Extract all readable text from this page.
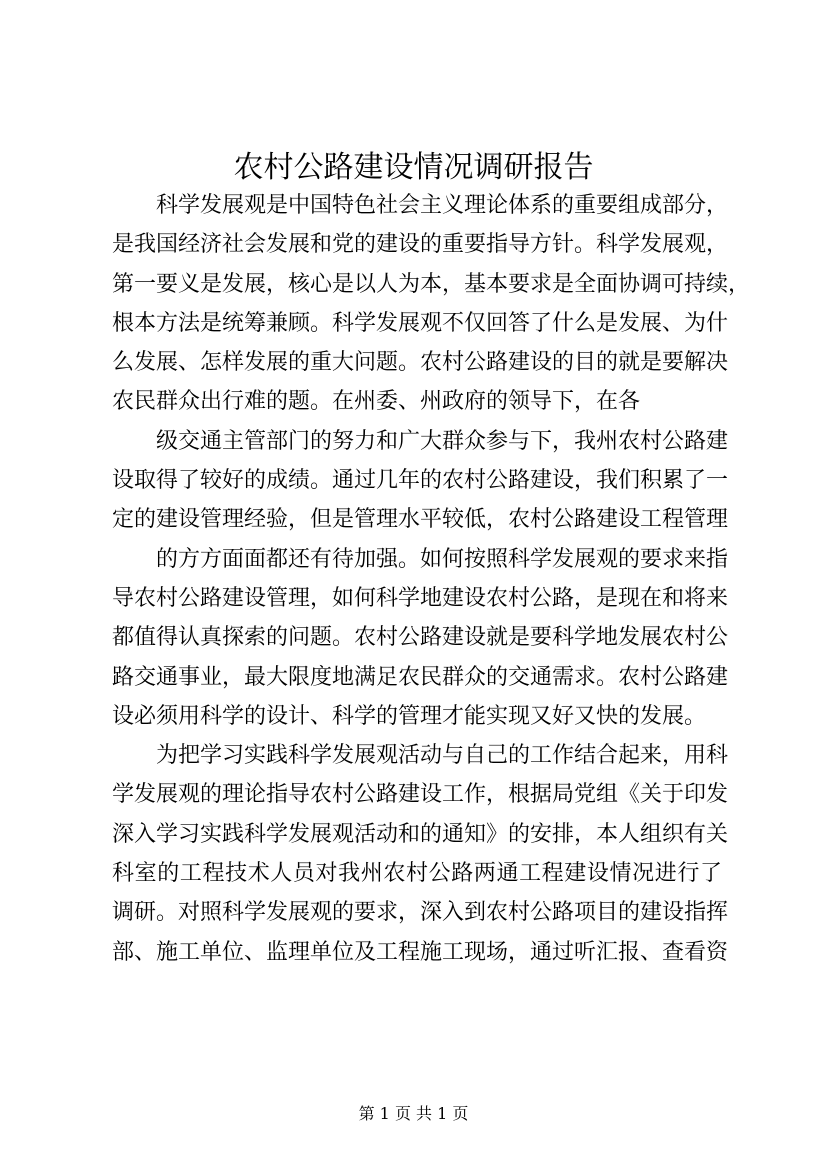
农村公路建设情况调研报告
科学发展观是中国特色社会主义理论体系的重要组成部分，
是我国经济社会发展和党的建设的重要指导方针。科学发展观，
第一要义是发展，核心是以人为本，基本要求是全面协调可持续，
根本方法是统筹兼顾。科学发展观不仅回答了什么是发展、为什
么发展、怎样发展的重大问题。农村公路建设的目的就是要解决
农民群众出行难的题。在州委、州政府的领导下，在各
级交通主管部门的努力和广大群众参与下，我州农村公路建
设取得了较好的成绩。通过几年的农村公路建设，我们积累了一
定的建设管理经验，但是管理水平较低，农村公路建设工程管理
的方方面面都还有待加强。如何按照科学发展观的要求来指
导农村公路建设管理，如何科学地建设农村公路，是现在和将来
都值得认真探索的问题。农村公路建设就是要科学地发展农村公
路交通事业，最大限度地满足农民群众的交通需求。农村公路建
设必须用科学的设计、科学的管理才能实现又好又快的发展。
为把学习实践科学发展观活动与自己的工作结合起来，用科
学发展观的理论指导农村公路建设工作，根据局党组《关于印发
深入学习实践科学发展观活动和的通知》的安排，本人组织有关
科室的工程技术人员对我州农村公路两通工程建设情况进行了
调研。对照科学发展观的要求，深入到农村公路项目的建设指挥
部、施工单位、监理单位及工程施工现场，通过听汇报、查看资
第 1 页 共 1 页
